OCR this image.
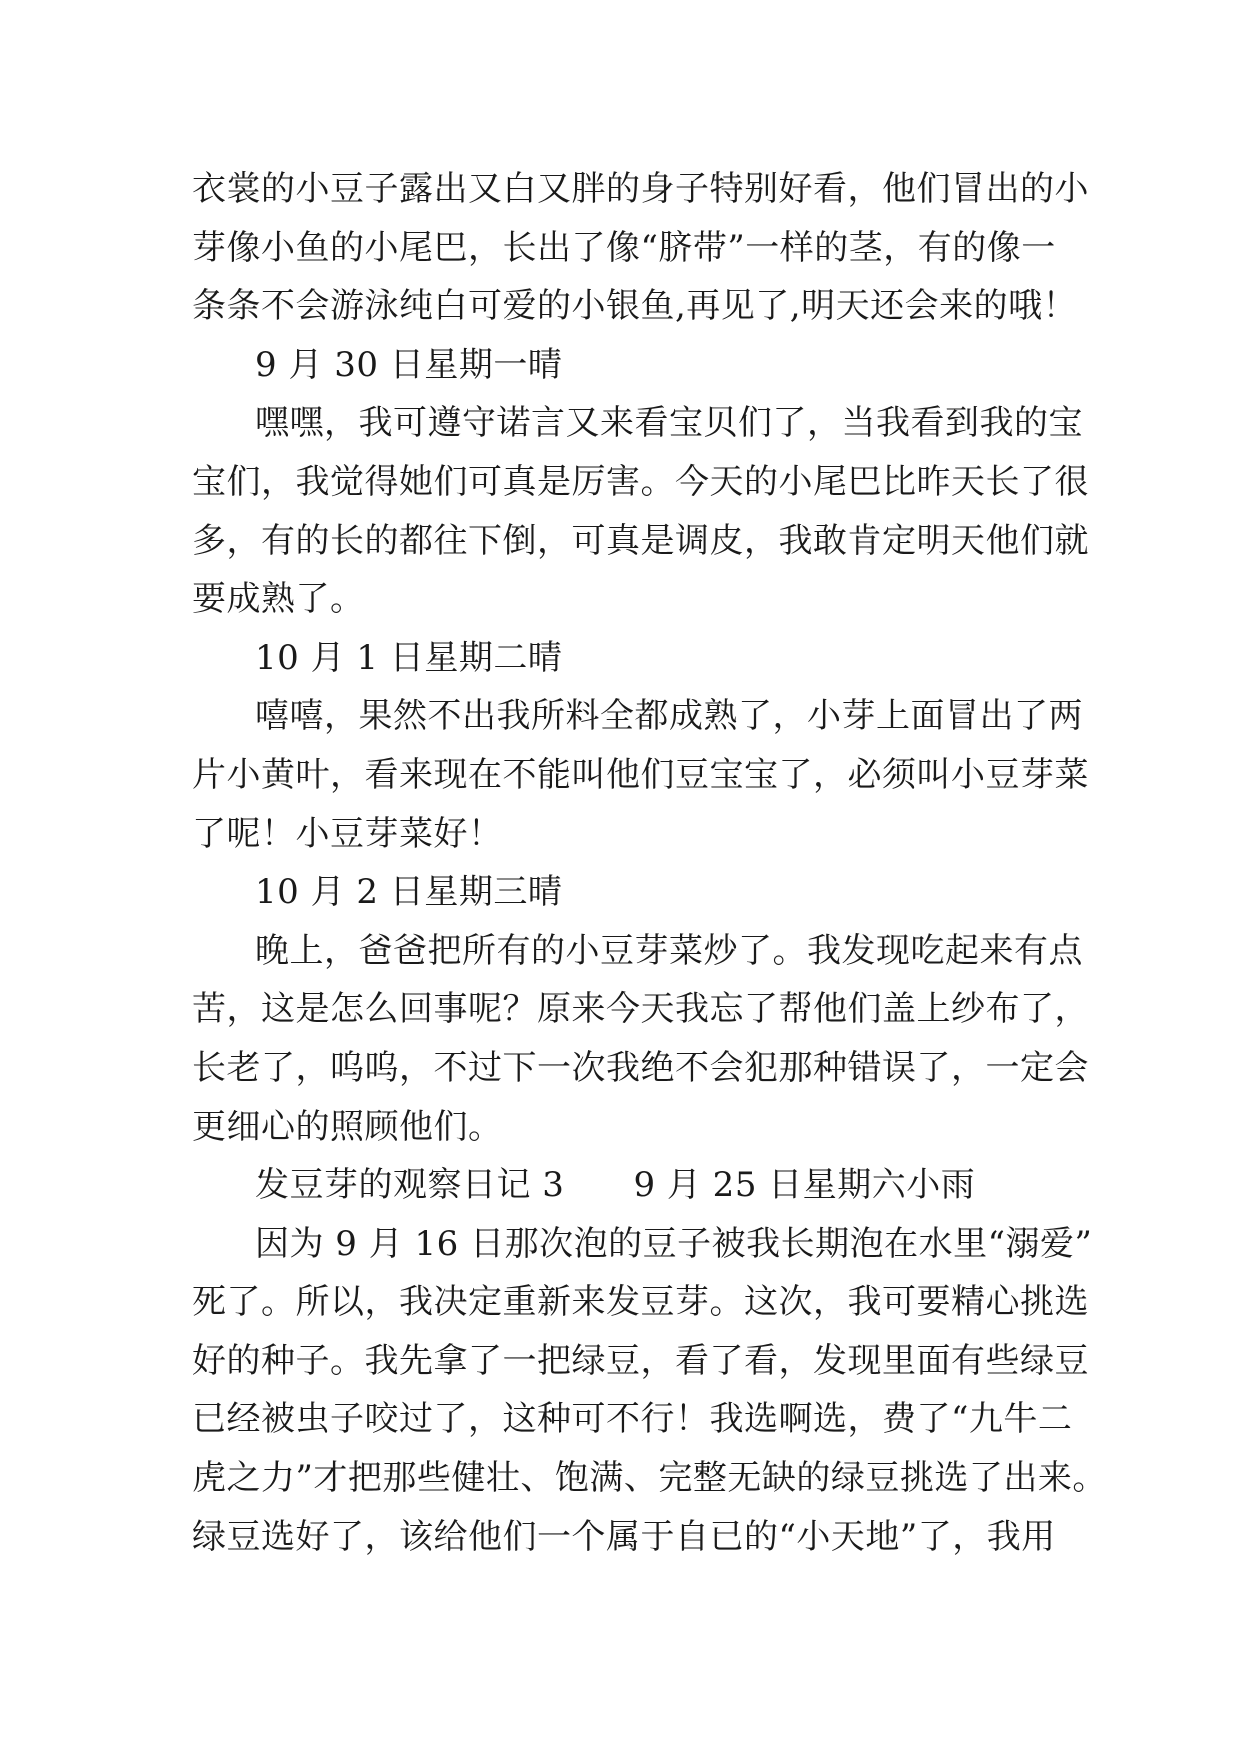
衣裳的小豆子露出又白又胖的身子特别好看，他们冒出的小
芽像小鱼的小尾巴，长出了像“脐带”一样的茎，有的像一
条条不会游泳纯白可爱的小银鱼,再见了,明天还会来的哦！
9 月 30 日星期一晴
嘿嘿，我可遵守诺言又来看宝贝们了，当我看到我的宝
宝们，我觉得她们可真是厉害。今天的小尾巴比昨天长了很
多，有的长的都往下倒，可真是调皮，我敢肯定明天他们就
要成熟了。
10 月 1 日星期二晴
嘻嘻，果然不出我所料全都成熟了，小芽上面冒出了两
片小黄叶，看来现在不能叫他们豆宝宝了，必须叫小豆芽菜
了呢！小豆芽菜好！
10 月 2 日星期三晴
晚上，爸爸把所有的小豆芽菜炒了。我发现吃起来有点
苦，这是怎么回事呢？原来今天我忘了帮他们盖上纱布了，
长老了，呜呜，不过下一次我绝不会犯那种错误了，一定会
更细心的照顾他们。
发豆芽的观察日记 3　　9 月 25 日星期六小雨
因为 9 月 16 日那次泡的豆子被我长期泡在水里“溺爱”
死了。所以，我决定重新来发豆芽。这次，我可要精心挑选
好的种子。我先拿了一把绿豆，看了看，发现里面有些绿豆
已经被虫子咬过了，这种可不行！我选啊选，费了“九牛二
虎之力”才把那些健壮、饱满、完整无缺的绿豆挑选了出来。
绿豆选好了，该给他们一个属于自已的“小天地”了，我用
